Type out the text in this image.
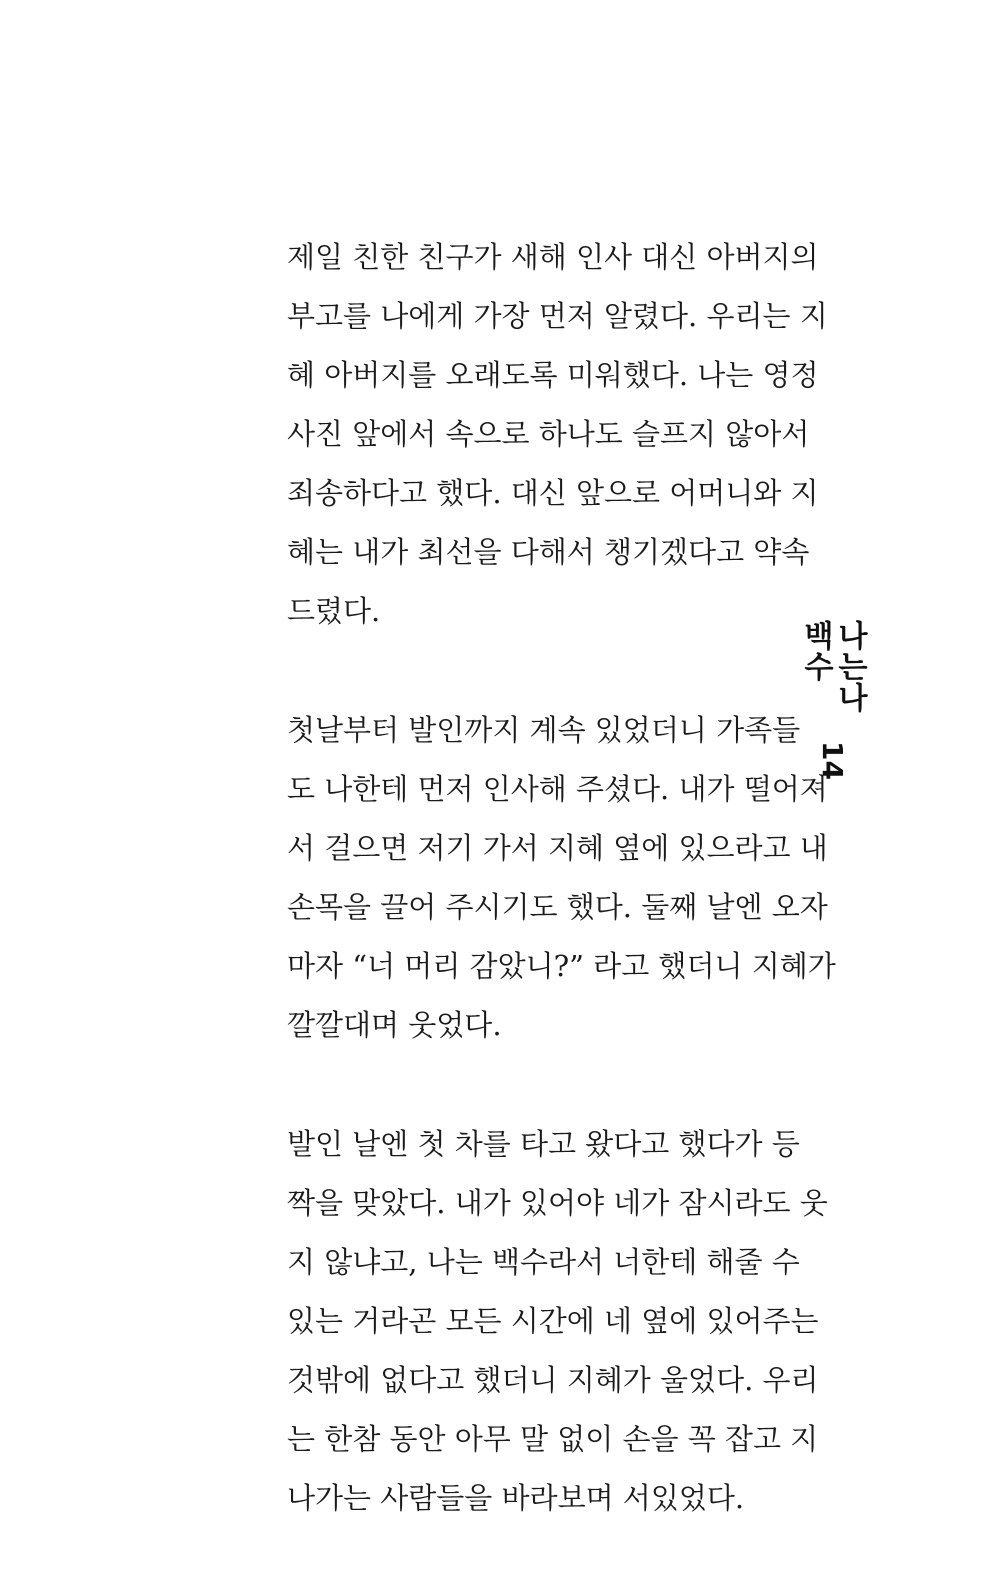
제일 친한 친구가 새해 인사 대신 아버지의
부고를 나에게 가장 먼저 알렸다. 우리는 지
혜 아버지를 오래도록 미워했다. 나는 영정
사진 앞에서 속으로 하나도 슬프지 않아서
죄송하다고 했다. 대신 앞으로 어머니와 지
혜는 내가 최선을 다해서 챙기겠다고 약속
드렸다.
첫날부터 발인까지 계속 있었더니 가족들
도 나한테 먼저 인사해 주셨다. 내가 떨어져
서 걸으면 저기 가서 지혜 옆에 있으라고 내
손목을 끌어 주시기도 했다. 둘째 날엔 오자
마자 “너 머리 감았니?” 라고 했더니 지혜가
깔깔대며 웃었다.
발인 날엔 첫 차를 타고 왔다고 했다가 등
짝을 맞았다. 내가 있어야 네가 잠시라도 웃
지 않냐고, 나는 백수라서 너한테 해줄 수
있는 거라곤 모든 시간에 네 옆에 있어주는
것밖에 없다고 했더니 지혜가 울었다. 우리
는 한참 동안 아무 말 없이 손을 꼭 잡고 지
나가는 사람들을 바라보며 서있었다.
나는나백수
14
